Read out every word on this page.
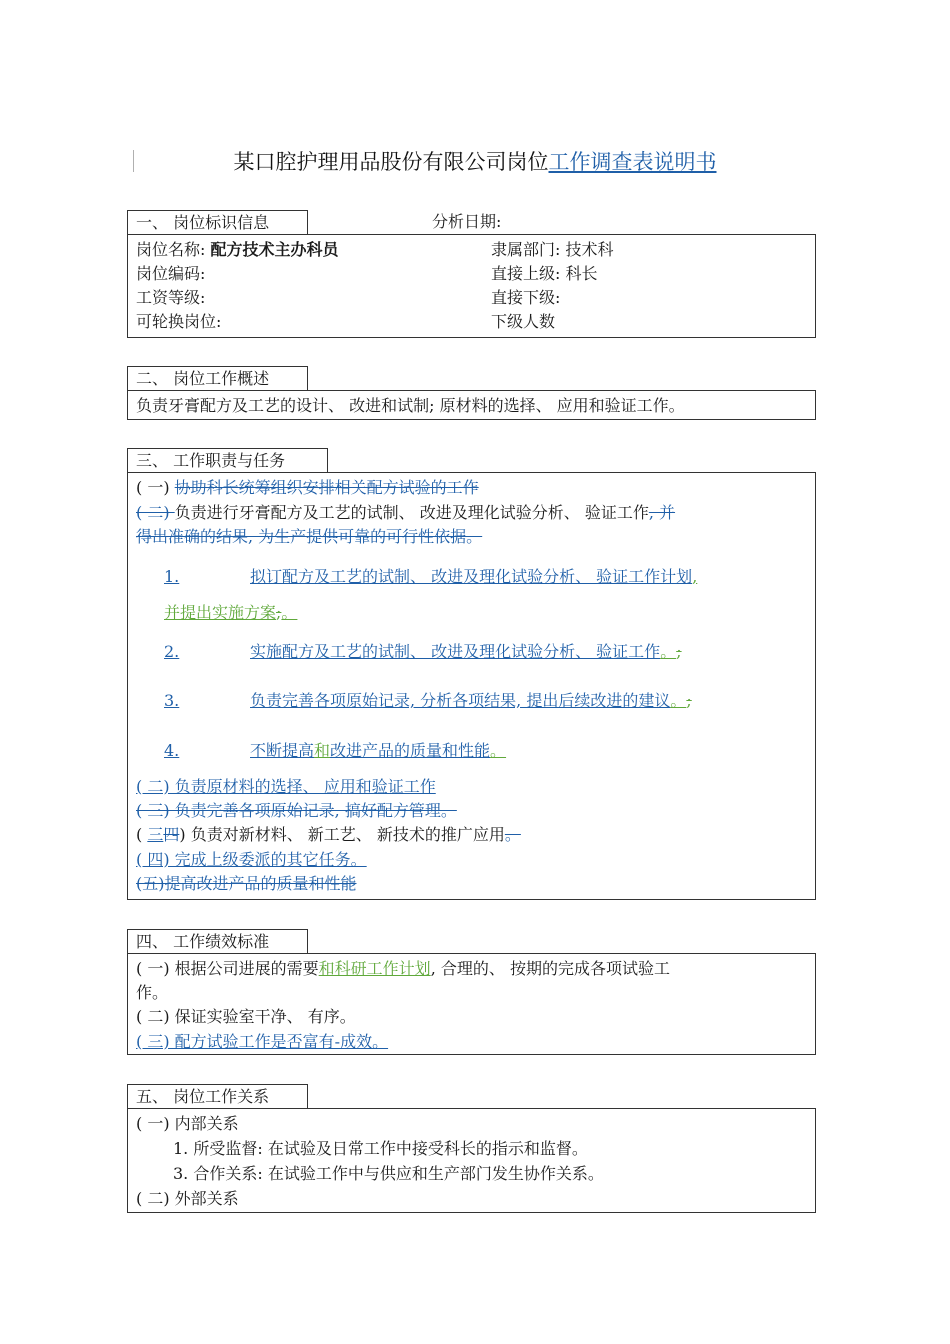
某口腔护理用品股份有限公司岗位工作调查表说明书
一、 岗位标识信息	分析日期:
岗位名称: 配方技术主办科员	隶属部门: 技术科
岗位编码:	直接上级: 科长
工资等级:	直接下级:
可轮换岗位:	下级人数
二、 岗位工作概述
负责牙膏配方及工艺的设计、 改进和试制; 原材料的选择、 应用和验证工作。
三、 工作职责与任务
( 一) 协助科长统筹组织安排相关配方试验的工作
( 二) 负责进行牙膏配方及工艺的试制、 改进及理化试验分析、 验证工作, 并
得出准确的结果, 为生产提供可靠的可行性依据。
1.	拟订配方及工艺的试制、 改进及理化试验分析、 验证工作计划,
并提出实施方案;。
2.	实施配方及工艺的试制、 改进及理化试验分析、 验证工作。;
3.	负责完善各项原始记录, 分析各项结果, 提出后续改进的建议。;
4.	不断提高和改进产品的质量和性能。
( 二) 负责原材料的选择、 应用和验证工作
( 三) 负责完善各项原始记录, 搞好配方管理。
( 三四) 负责对新材料、 新工艺、 新技术的推广应用。
( 四) 完成上级委派的其它任务。
(五)提高改进产品的质量和性能
四、 工作绩效标准
( 一) 根据公司进展的需要和科研工作计划, 合理的、 按期的完成各项试验工
作。
( 二) 保证实验室干净、 有序。
( 三) 配方试验工作是否富有-成效。
五、 岗位工作关系
( 一) 内部关系
1. 所受监督: 在试验及日常工作中接受科长的指示和监督。
3. 合作关系: 在试验工作中与供应和生产部门发生协作关系。
( 二) 外部关系
